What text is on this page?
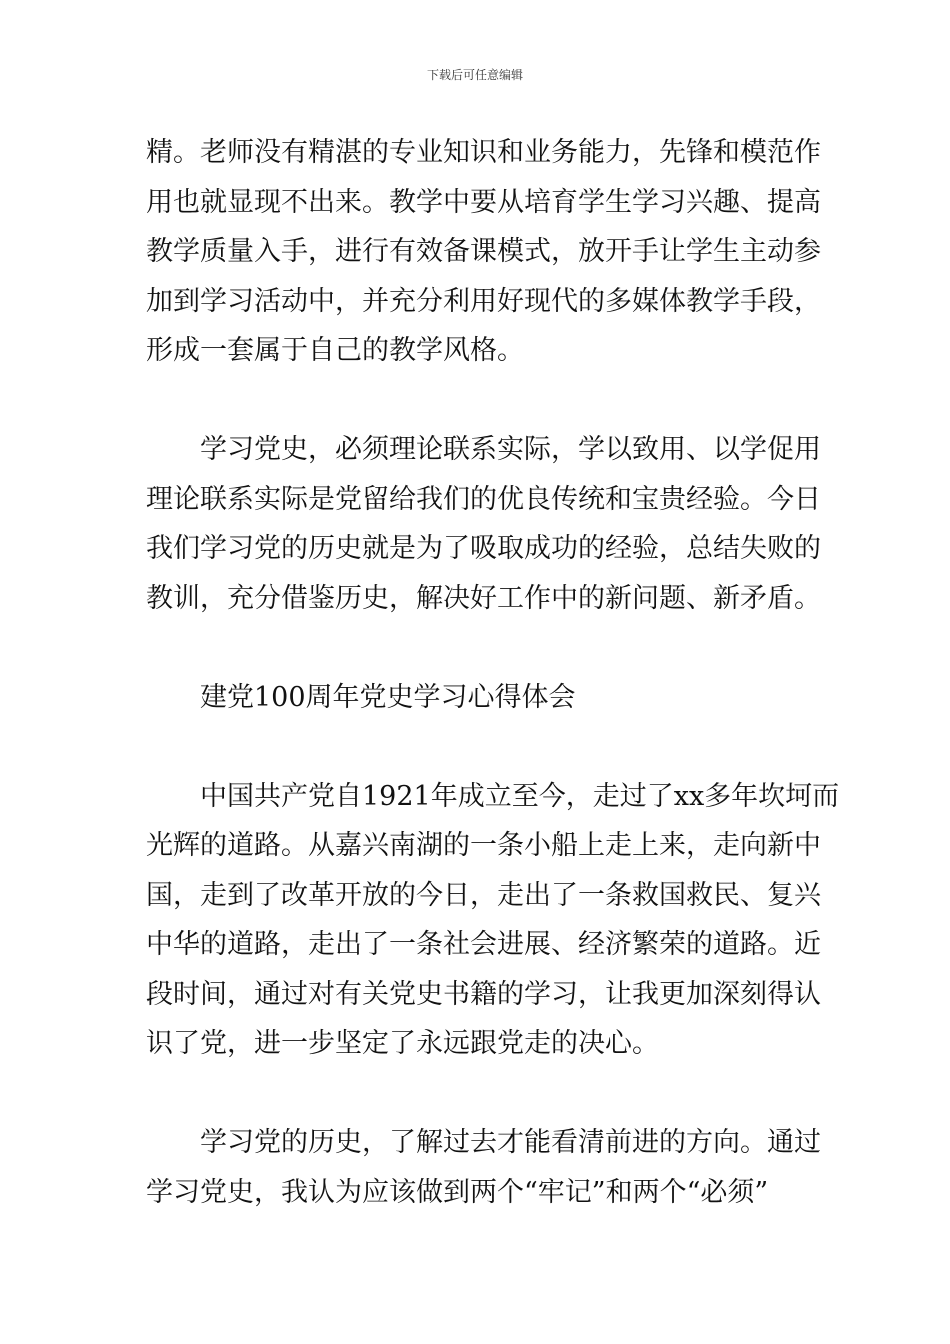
下载后可任意编辑
精。老师没有精湛的专业知识和业务能力，先锋和模范作
用也就显现不出来。教学中要从培育学生学习兴趣、提高
教学质量入手，进行有效备课模式，放开手让学生主动参
加到学习活动中，并充分利用好现代的多媒体教学手段，
形成一套属于自己的教学风格。
学习党史，必须理论联系实际，学以致用、以学促用
理论联系实际是党留给我们的优良传统和宝贵经验。今日
我们学习党的历史就是为了吸取成功的经验，总结失败的
教训，充分借鉴历史，解决好工作中的新问题、新矛盾。
建党100周年党史学习心得体会
中国共产党自1921年成立至今，走过了xx多年坎坷而
光辉的道路。从嘉兴南湖的一条小船上走上来，走向新中
国，走到了改革开放的今日，走出了一条救国救民、复兴
中华的道路，走出了一条社会进展、经济繁荣的道路。近
段时间，通过对有关党史书籍的学习，让我更加深刻得认
识了党，进一步坚定了永远跟党走的决心。
学习党的历史，了解过去才能看清前进的方向。通过
学习党史，我认为应该做到两个“牢记”和两个“必须”
